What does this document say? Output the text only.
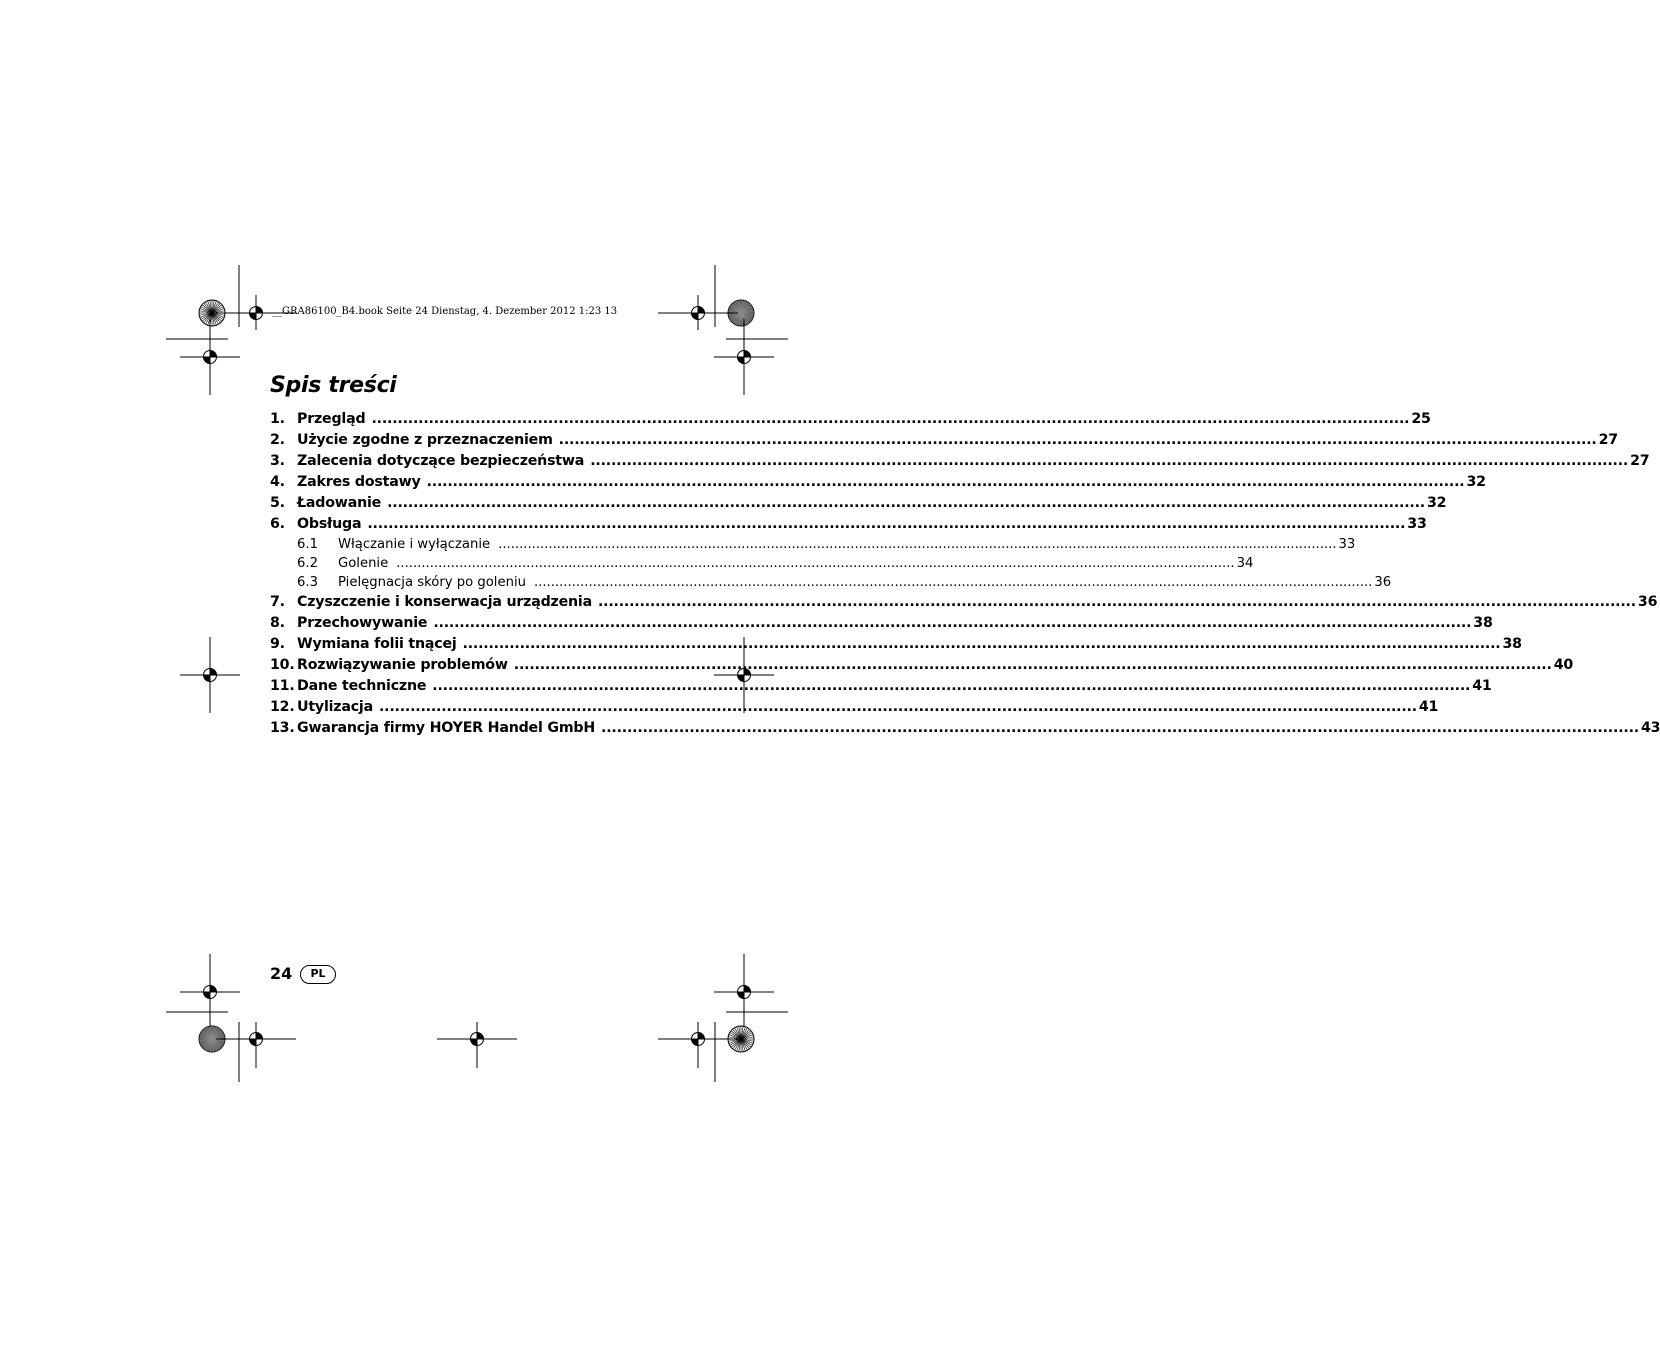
__GRA86100_B4.book Seite 24 Dienstag, 4. Dezember 2012 1:23 13
Spis treści
1. Przegląd ........................................................................................................................................................................................................ 25
2. Użycie zgodne z przeznaczeniem ........................................................................................................................................................................................................ 27
3. Zalecenia dotyczące bezpieczeństwa ........................................................................................................................................................................................................ 27
4. Zakres dostawy ........................................................................................................................................................................................................ 32
5. Ładowanie ........................................................................................................................................................................................................ 32
6. Obsługa ........................................................................................................................................................................................................ 33
6.1	Włączanie i wyłączanie ........................................................................................................................................................................................................ 33
6.2	Golenie ........................................................................................................................................................................................................ 34
6.3	Pielęgnacja skóry po goleniu ........................................................................................................................................................................................................ 36
7. Czyszczenie i konserwacja urządzenia ........................................................................................................................................................................................................ 36
8. Przechowywanie ........................................................................................................................................................................................................ 38
9. Wymiana folii tnącej ........................................................................................................................................................................................................ 38
10. Rozwiązywanie problemów ........................................................................................................................................................................................................ 40
11. Dane techniczne ........................................................................................................................................................................................................ 41
12. Utylizacja ........................................................................................................................................................................................................ 41
13. Gwarancja firmy HOYER Handel GmbH ........................................................................................................................................................................................................ 43
24	PL
